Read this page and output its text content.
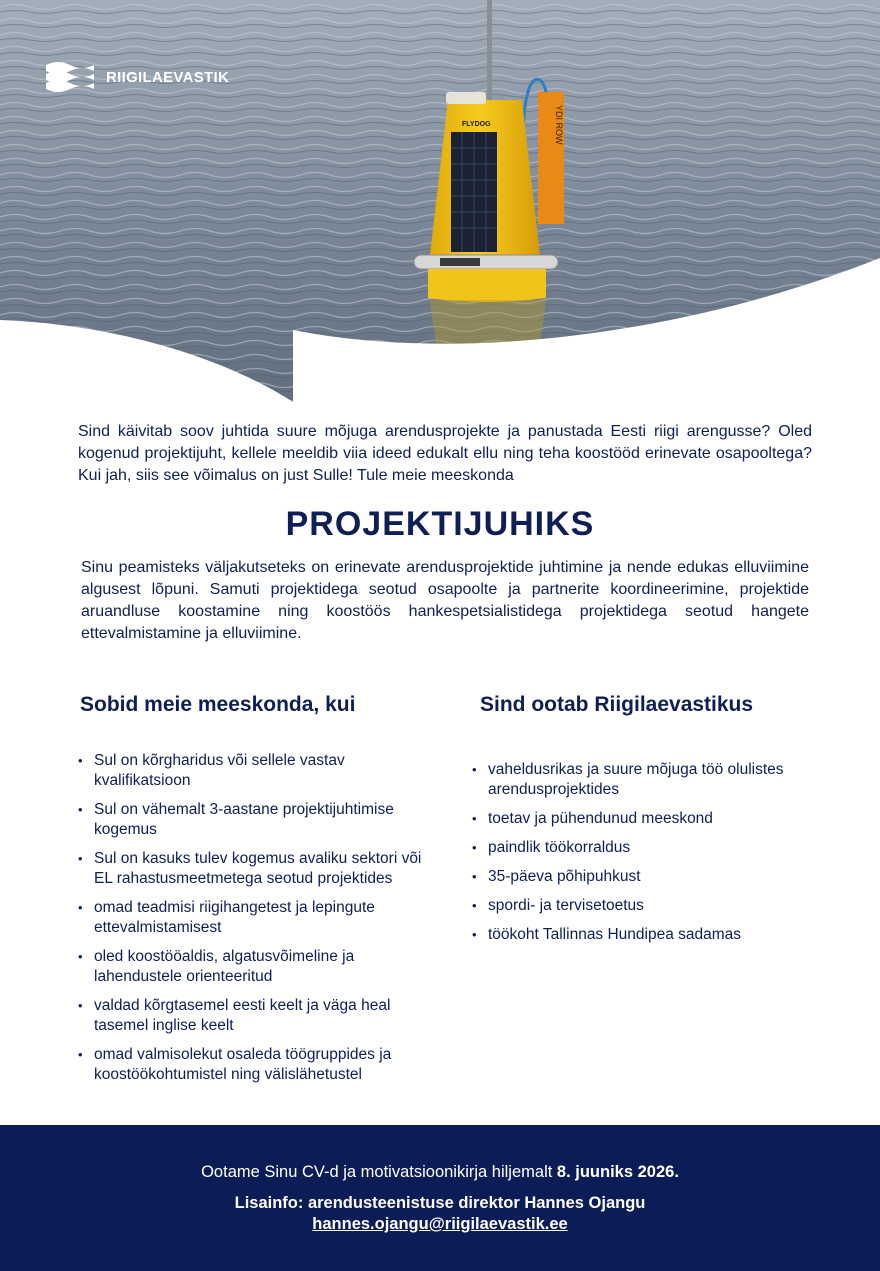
FLYDOG	YDI ROW
RIIGILAEVASTIK

Sind käivitab soov juhtida suure mõjuga arendusprojekte ja panustada Eesti riigi arengusse? Oled kogenud projektijuht, kellele meeldib viia ideed edukalt ellu ning teha koostööd erinevate osapooltega? Kui jah, siis see võimalus on just Sulle! Tule meie meeskonda

PROJEKTIJUHIKS

Sinu peamisteks väljakutseteks on erinevate arendusprojektide juhtimine ja nende edukas elluviimine algusest lõpuni. Samuti projektidega seotud osapoolte ja partnerite koordineerimine, projektide aruandluse koostamine ning koostöös hankespetsialistidega projektidega seotud hangete ettevalmistamine ja elluviimine.

Sobid meie meeskonda, kui	Sind ootab Riigilaevastikus
• Sul on kõrgharidus või sellele vastav kvalifikatsioon
• Sul on vähemalt 3-aastane projektijuhtimise kogemus
• Sul on kasuks tulev kogemus avaliku sektori või EL rahastusmeetmetega seotud projektides
• omad teadmisi riigihangetest ja lepingute ettevalmistamisest
• oled koostööaldis, algatusvõimeline ja lahendustele orienteeritud
• valdad kõrgtasemel eesti keelt ja väga heal tasemel inglise keelt
• omad valmisolekut osaleda töögruppides ja koostöökohtumistel ning välislähetustel
• vaheldusrikas ja suure mõjuga töö olulistes arendusprojektides
• toetav ja pühendunud meeskond
• paindlik töökorraldus
• 35-päeva põhipuhkust
• spordi- ja tervisetoetus
• töökoht Tallinnas Hundipea sadamas
Ootame Sinu CV-d ja motivatsioonikirja hiljemalt 8. juuniks 2026.
Lisainfo: arendusteenistuse direktor Hannes Ojangu
hannes.ojangu@riigilaevastik.ee
